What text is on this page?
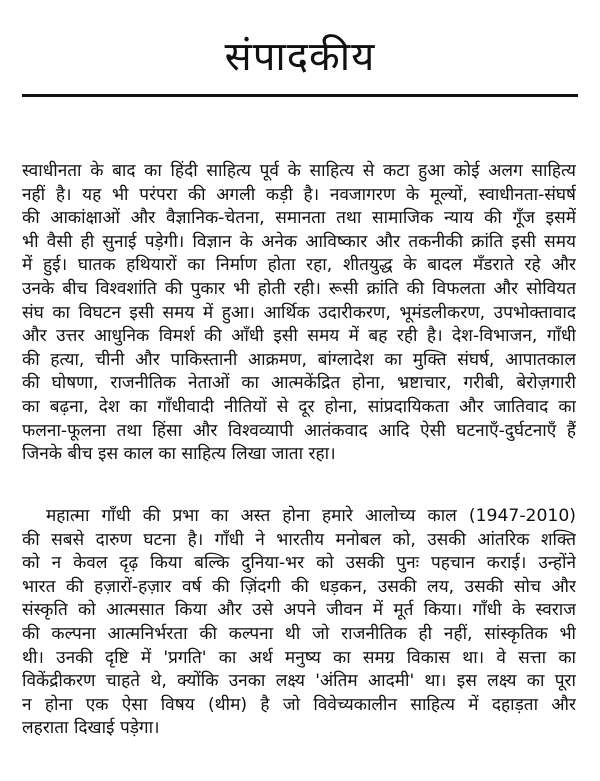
संपादकीय
स्वाधीनता के बाद का हिंदी साहित्य पूर्व के साहित्य से कटा हुआ कोई अलग साहित्य
नहीं है। यह भी परंपरा की अगली कड़ी है। नवजागरण के मूल्यों, स्वाधीनता-संघर्ष
की आकांक्षाओं और वैज्ञानिक-चेतना, समानता तथा सामाजिक न्याय की गूँज इसमें
भी वैसी ही सुनाई पड़ेगी। विज्ञान के अनेक आविष्कार और तकनीकी क्रांति इसी समय
में हुई। घातक हथियारों का निर्माण होता रहा, शीतयुद्ध के बादल मँडराते रहे और
उनके बीच विश्वशांति की पुकार भी होती रही। रूसी क्रांति की विफलता और सोवियत
संघ का विघटन इसी समय में हुआ। आर्थिक उदारीकरण, भूमंडलीकरण, उपभोक्तावाद
और उत्तर आधुनिक विमर्श की आँधी इसी समय में बह रही है। देश-विभाजन, गाँधी
की हत्या, चीनी और पाकिस्तानी आक्रमण, बांग्लादेश का मुक्ति संघर्ष, आपातकाल
की घोषणा, राजनीतिक नेताओं का आत्मकेंद्रित होना, भ्रष्टाचार, गरीबी, बेरोज़गारी
का बढ़ना, देश का गाँधीवादी नीतियों से दूर होना, सांप्रदायिकता और जातिवाद का
फलना-फूलना तथा हिंसा और विश्वव्यापी आतंकवाद आदि ऐसी घटनाएँ-दुर्घटनाएँ हैं
जिनके बीच इस काल का साहित्य लिखा जाता रहा।
महात्मा गाँधी की प्रभा का अस्त होना हमारे आलोच्य काल (1947-2010)
की सबसे दारुण घटना है। गाँधी ने भारतीय मनोबल को, उसकी आंतरिक शक्ति
को न केवल दृढ़ किया बल्कि दुनिया-भर को उसकी पुनः पहचान कराई। उन्होंने
भारत की हज़ारों-हज़ार वर्ष की ज़िंदगी की धड़कन, उसकी लय, उसकी सोच और
संस्कृति को आत्मसात किया और उसे अपने जीवन में मूर्त किया। गाँधी के स्वराज
की कल्पना आत्मनिर्भरता की कल्पना थी जो राजनीतिक ही नहीं, सांस्कृतिक भी
थी। उनकी दृष्टि में 'प्रगति' का अर्थ मनुष्य का समग्र विकास था। वे सत्ता का
विकेंद्रीकरण चाहते थे, क्योंकि उनका लक्ष्य 'अंतिम आदमी' था। इस लक्ष्य का पूरा
न होना एक ऐसा विषय (थीम) है जो विवेच्यकालीन साहित्य में दहाड़ता और
लहराता दिखाई पड़ेगा।
